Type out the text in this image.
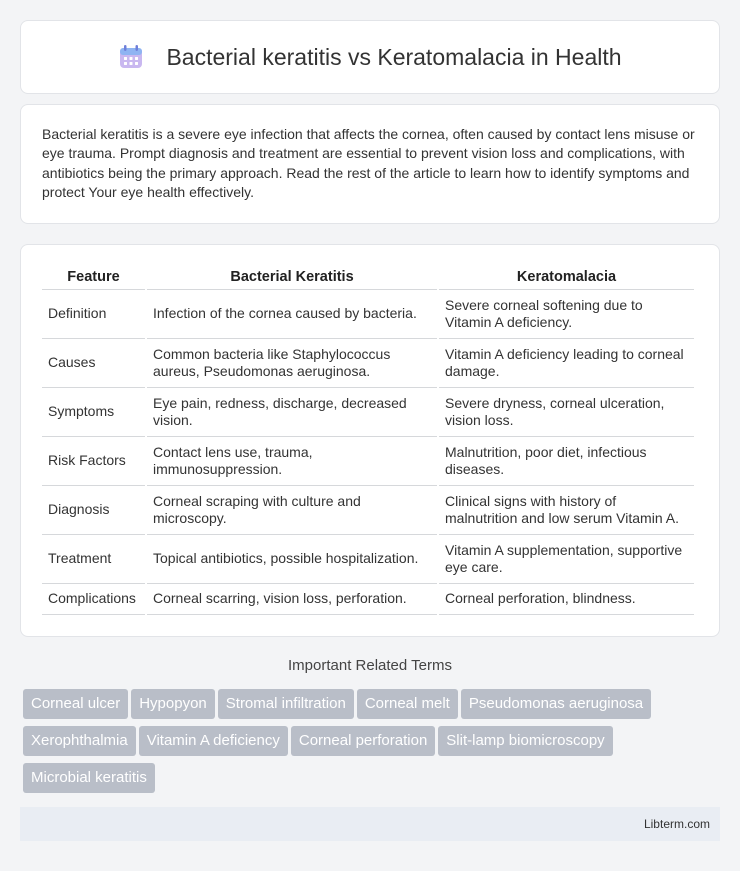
Bacterial keratitis vs Keratomalacia in Health

Bacterial keratitis is a severe eye infection that affects the cornea, often caused by contact lens misuse or eye trauma. Prompt diagnosis and treatment are essential to prevent vision loss and complications, with antibiotics being the primary approach. Read the rest of the article to learn how to identify symptoms and protect Your eye health effectively.

Feature	Bacterial Keratitis	Keratomalacia
Definition	Infection of the cornea caused by bacteria.	Severe corneal softening due to Vitamin A deficiency.
Causes	Common bacteria like Staphylococcus aureus, Pseudomonas aeruginosa.	Vitamin A deficiency leading to corneal damage.
Symptoms	Eye pain, redness, discharge, decreased vision.	Severe dryness, corneal ulceration, vision loss.
Risk Factors	Contact lens use, trauma, immunosuppression.	Malnutrition, poor diet, infectious diseases.
Diagnosis	Corneal scraping with culture and microscopy.	Clinical signs with history of malnutrition and low serum Vitamin A.
Treatment	Topical antibiotics, possible hospitalization.	Vitamin A supplementation, supportive eye care.
Complications	Corneal scarring, vision loss, perforation.	Corneal perforation, blindness.
Important Related Terms
Corneal ulcer Hypopyon Stromal infiltration Corneal melt Pseudomonas aeruginosa
Xerophthalmia Vitamin A deficiency Corneal perforation Slit-lamp biomicroscopy
Microbial keratitis
Libterm.com
